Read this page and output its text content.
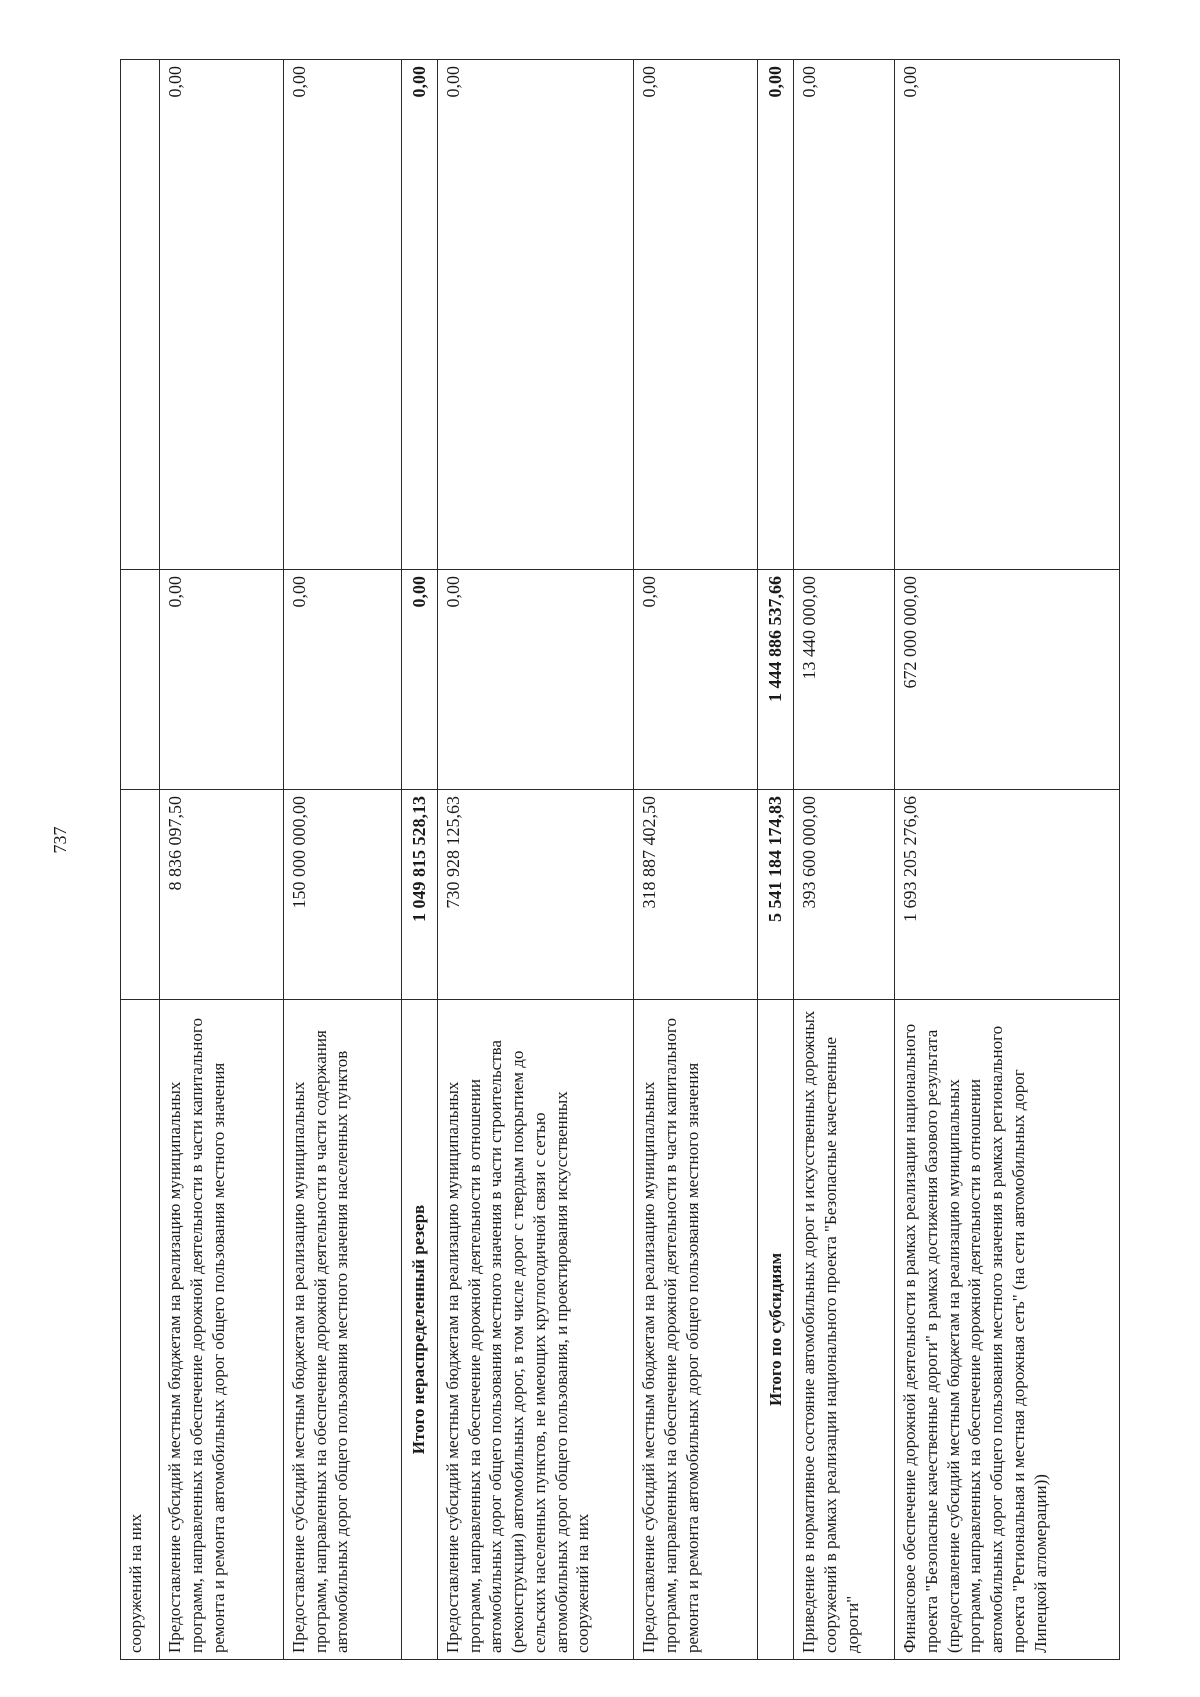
737
сооружений на них			
Предоставление субсидий местным бюджетам на реализацию муниципальных программ, направленных на обеспечение дорожной деятельности в части капитального ремонта и ремонта автомобильных дорог общего пользования местного значения	8 836 097,50	0,00	0,00
Предоставление субсидий местным бюджетам на реализацию муниципальных программ, направленных на обеспечение дорожной деятельности в части содержания автомобильных дорог общего пользования местного значения населенных пунктов	150 000 000,00	0,00	0,00
Итого нераспределенный резерв	1 049 815 528,13	0,00	0,00
Предоставление субсидий местным бюджетам на реализацию муниципальных программ, направленных на обеспечение дорожной деятельности в отношении автомобильных дорог общего пользования местного значения в части строительства (реконструкции) автомобильных дорог, в том числе дорог с твердым покрытием до сельских населенных пунктов, не имеющих круглогодичной связи с сетью автомобильных дорог общего пользования, и проектирования искусственных сооружений на них	730 928 125,63	0,00	0,00
Предоставление субсидий местным бюджетам на реализацию муниципальных программ, направленных на обеспечение дорожной деятельности в части капитального ремонта и ремонта автомобильных дорог общего пользования местного значения	318 887 402,50	0,00	0,00
Итого по субсидиям	5 541 184 174,83	1 444 886 537,66	0,00
Приведение в нормативное состояние автомобильных дорог и искусственных дорожных сооружений в рамках реализации национального проекта "Безопасные качественные дороги"	393 600 000,00	13 440 000,00	0,00
Финансовое обеспечение дорожной деятельности в рамках реализации национального проекта "Безопасные качественные дороги" в рамках достижения базового результата (предоставление субсидий местным бюджетам на реализацию муниципальных программ, направленных на обеспечение дорожной деятельности в отношении автомобильных дорог общего пользования местного значения в рамках регионального проекта "Региональная и местная дорожная сеть" (на сети автомобильных дорог Липецкой агломерации))	1 693 205 276,06	672 000 000,00	0,00
